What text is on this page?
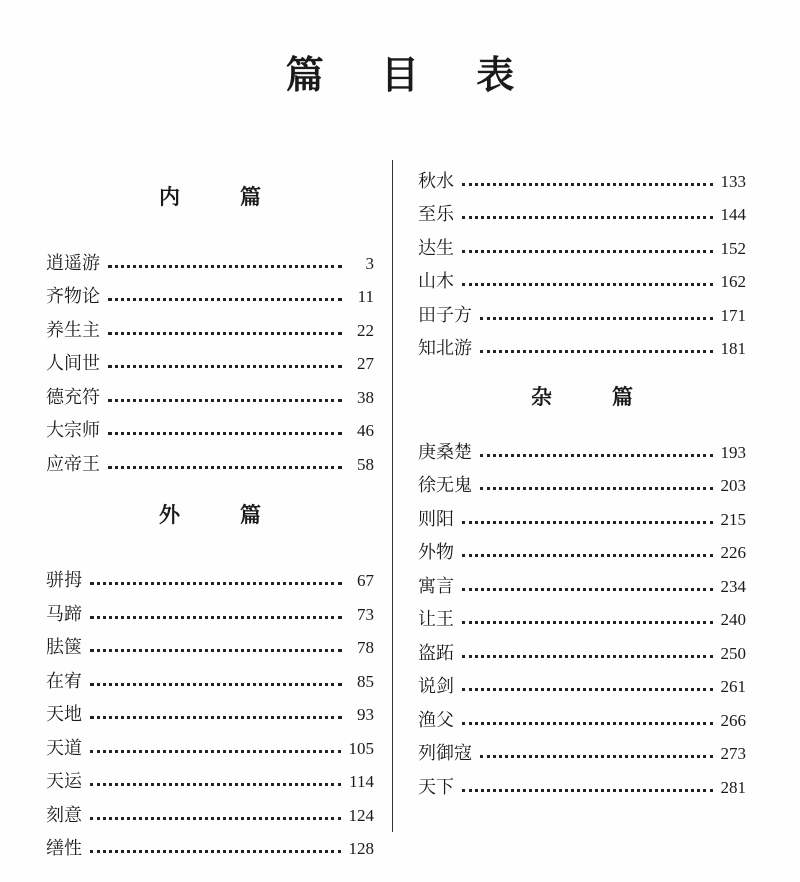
篇 目 表
内	篇
逍遥游	3
齐物论	11
养生主	22
人间世	27
德充符	38
大宗师	46
应帝王	58
外	篇
骈拇	67
马蹄	73
胠箧	78
在宥	85
天地	93
天道	105
天运	114
刻意	124
缮性	128
秋水	133
至乐	144
达生	152
山木	162
田子方	171
知北游	181
杂	篇
庚桑楚	193
徐无鬼	203
则阳	215
外物	226
寓言	234
让王	240
盗跖	250
说剑	261
渔父	266
列御寇	273
天下	281
